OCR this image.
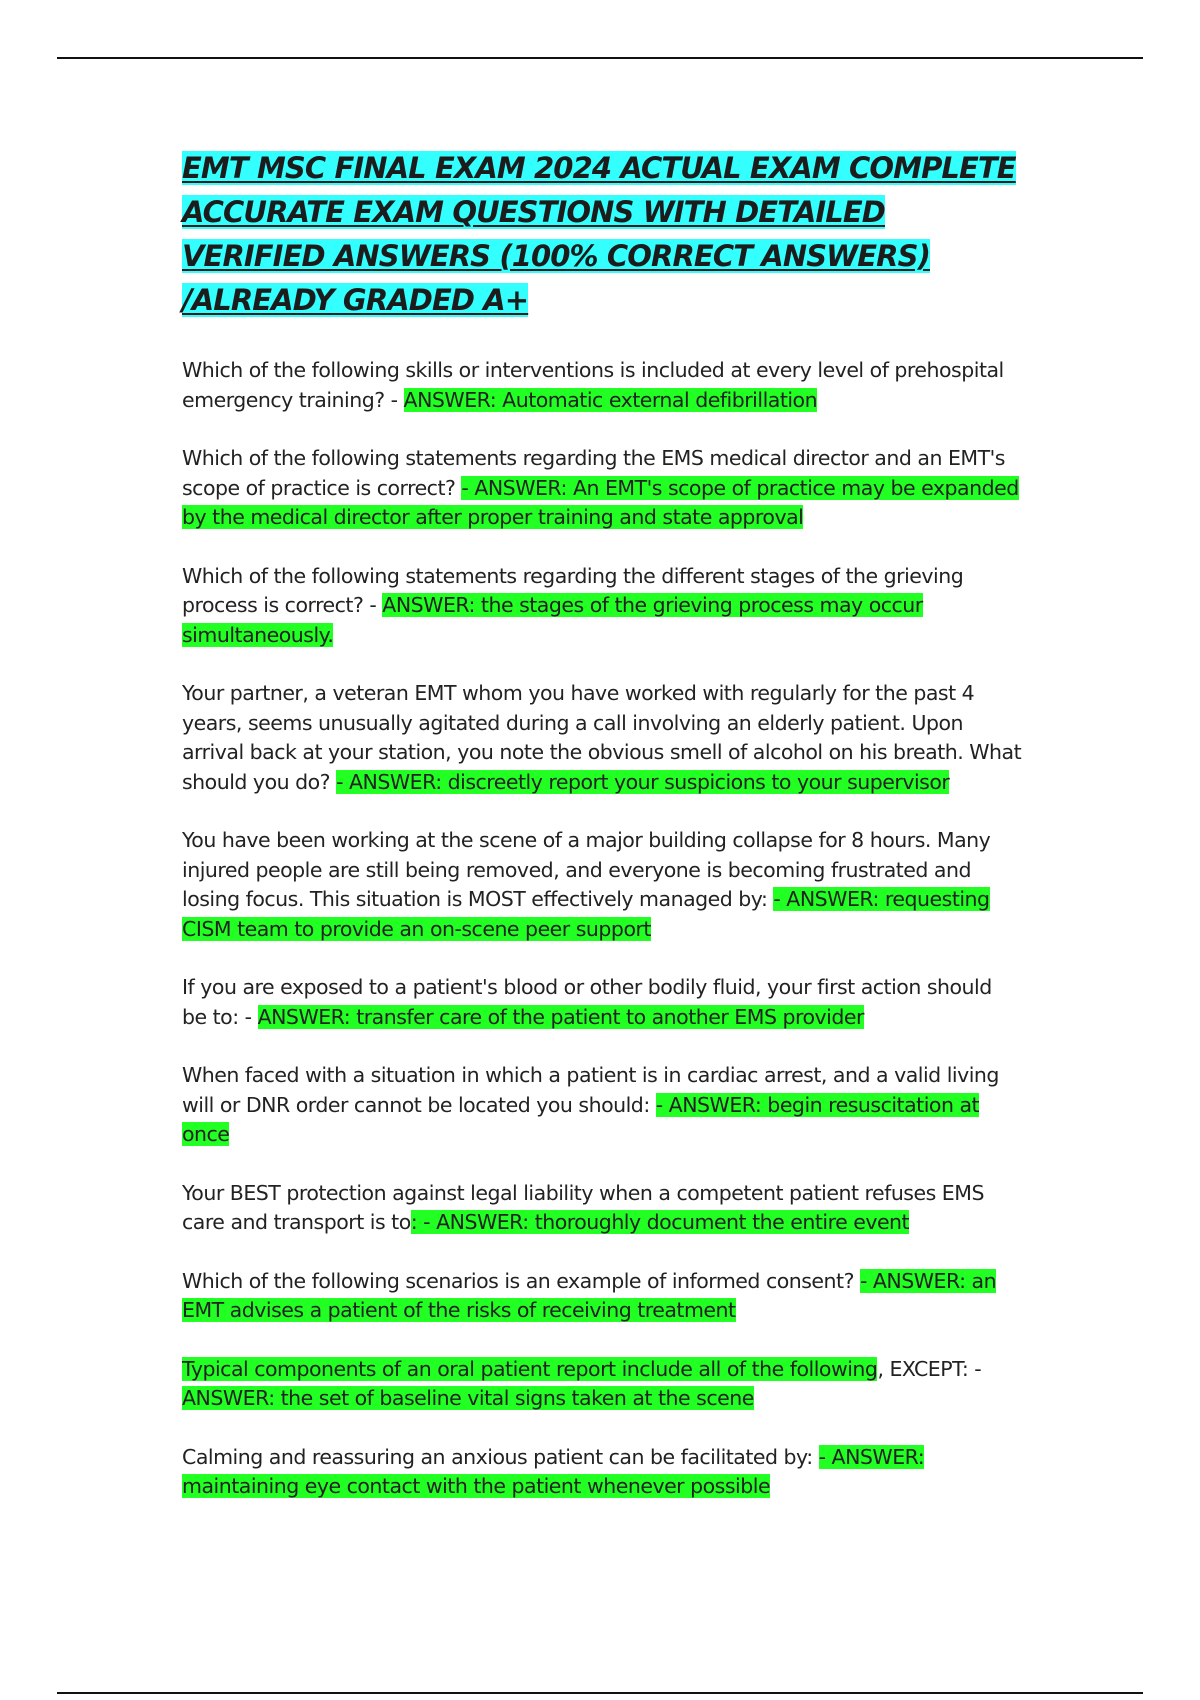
EMT MSC FINAL EXAM 2024 ACTUAL EXAM COMPLETE ACCURATE EXAM QUESTIONS WITH DETAILED VERIFIED ANSWERS (100% CORRECT ANSWERS) /ALREADY GRADED A+

Which of the following skills or interventions is included at every level of prehospital emergency training? - ANSWER: Automatic external defibrillation

Which of the following statements regarding the EMS medical director and an EMT's scope of practice is correct? - ANSWER: An EMT's scope of practice may be expanded by the medical director after proper training and state approval

Which of the following statements regarding the different stages of the grieving process is correct? - ANSWER: the stages of the grieving process may occur simultaneously.

Your partner, a veteran EMT whom you have worked with regularly for the past 4 years, seems unusually agitated during a call involving an elderly patient. Upon arrival back at your station, you note the obvious smell of alcohol on his breath. What should you do? - ANSWER: discreetly report your suspicions to your supervisor

You have been working at the scene of a major building collapse for 8 hours. Many injured people are still being removed, and everyone is becoming frustrated and losing focus. This situation is MOST effectively managed by: - ANSWER: requesting CISM team to provide an on-scene peer support

If you are exposed to a patient's blood or other bodily fluid, your first action should be to: - ANSWER: transfer care of the patient to another EMS provider

When faced with a situation in which a patient is in cardiac arrest, and a valid living will or DNR order cannot be located you should: - ANSWER: begin resuscitation at once

Your BEST protection against legal liability when a competent patient refuses EMS care and transport is to: - ANSWER: thoroughly document the entire event

Which of the following scenarios is an example of informed consent? - ANSWER: an EMT advises a patient of the risks of receiving treatment

Typical components of an oral patient report include all of the following, EXCEPT: - ANSWER: the set of baseline vital signs taken at the scene

Calming and reassuring an anxious patient can be facilitated by: - ANSWER: maintaining eye contact with the patient whenever possible
